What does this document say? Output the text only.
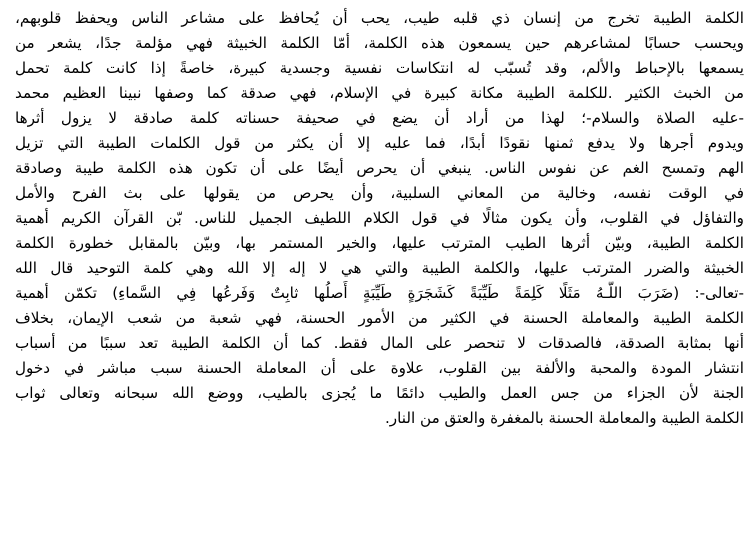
الكلمة الطيبة تخرج من إنسان ذي قلبه طيب، يحب أن يُحافظ على مشاعر الناس ويحفظ قلوبهم،
ويحسب حسابًا لمشاعرهم حين يسمعون هذه الكلمة، أمّا الكلمة الخبيثة فهي مؤلمة جدًا، يشعر من
يسمعها بالإحباط والألم، وقد تُسبّب له انتكاسات نفسية وجسدية كبيرة، خاصةً إذا كانت كلمة تحمل
من الخبث الكثير .للكلمة الطيبة مكانة كبيرة في الإسلام، فهي صدقة كما وصفها نبينا العظيم محمد
-عليه الصلاة والسلام-؛ لهذا من أراد أن يضع في صحيفة حسناته كلمة صادقة لا يزول أثرها
ويدوم أجرها ولا يدفع ثمنها نقودًا أبدًا، فما عليه إلا أن يكثر من قول الكلمات الطيبة التي تزيل
الهم وتمسح الغم عن نفوس الناس. ينبغي أن يحرص أيضًا على أن تكون هذه الكلمة طيبة وصادقة
في الوقت نفسه، وخالية من المعاني السلبية، وأن يحرص من يقولها على بث الفرح والأمل
والتفاؤل في القلوب، وأن يكون مثالًا في قول الكلام اللطيف الجميل للناس. بّن القرآن الكريم أهمية
الكلمة الطيبة، وبيّن أثرها الطيب المترتب عليها، والخير المستمر بها، وبيّن بالمقابل خطورة الكلمة
الخبيثة والضرر المترتب عليها، والكلمة الطيبة والتي هي لا إله إلا الله وهي كلمة التوحيد قال الله
-تعالى-: (ضَرَبَ اللَّـهُ مَثَلًا كَلِمَةً طَيِّبَةً كَشَجَرَةٍ طَيِّبَةٍ أَصلُها ثابِتٌ وَفَرعُها فِي السَّماءِ) تكمّن أهمية
الكلمة الطيبة والمعاملة الحسنة في الكثير من الأمور الحسنة، فهي شعبة من شعب الإيمان، بخلاف
أنها بمثابة الصدقة، فالصدقات لا تنحصر على المال فقط. كما أن الكلمة الطيبة تعد سببًا من أسباب
انتشار المودة والمحبة والألفة بين القلوب، علاوة على أن المعاملة الحسنة سبب مباشر في دخول
الجنة لأن الجزاء من جس العمل والطيب دائمًا ما يُجزى بالطيب، ووضع الله سبحانه وتعالى ثواب
الكلمة الطيبة والمعاملة الحسنة بالمغفرة والعتق من النار.
